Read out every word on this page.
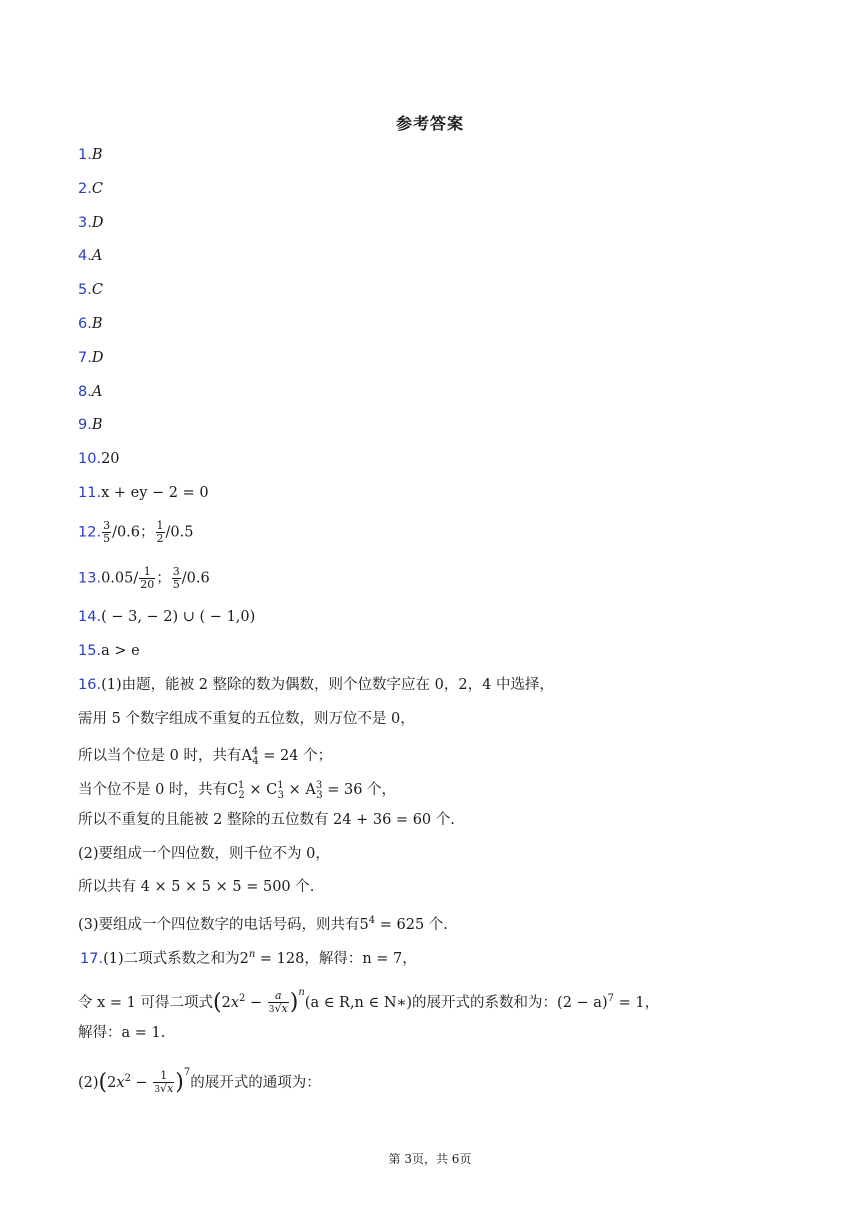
参考答案
1.B
2.C
3.D
4.A
5.C
6.B
7.D
8.A
9.B
10.20
11.x + ey − 2 = 0
12. $\frac{3}{5} /0.6$； $\frac{1}{2} /0.5$
$13.0.05/ \frac{1}{20}$ ； $\frac{3}{5} /0.6$
14.( − 3, − 2) ∪ ( − 1,0)
15.a > e
16.(1)由题，能被 2 整除的数为偶数，则个位数字应在 0，2，4 中选择，
需用 5 个数字组成不重复的五位数，则万位不是 0，
所以当个位是 0 时，共有$A^4_4 = 24$ 个；
当个位不是 0 时，共有$C^1_2 \times C^1_3 \times A^3_3 = 36$ 个，
所以不重复的且能被 2 整除的五位数有 24 + 36 = 60 个.
(2)要组成一个四位数，则千位不为 0，
所以共有 4 × 5 × 5 × 5 = 500 个.
(3)要组成一个四位数字的电话号码，则共有$5^4 = 625$ 个.
17.(1)二项式系数之和为$2^n = 128$，解得：n = 7，
令 x = 1 可得二项式$(2x^2 - \frac{a}{3√x} )^n(a$ ∈ R,n ∈ N∗)的展开式的系数和为：$(2 - a)^7 = 1$，
解得：a = 1.
$(2)(2x^2 - \frac{1}{3√x} )^7$的展开式的通项为：
第 3页，共 6页
